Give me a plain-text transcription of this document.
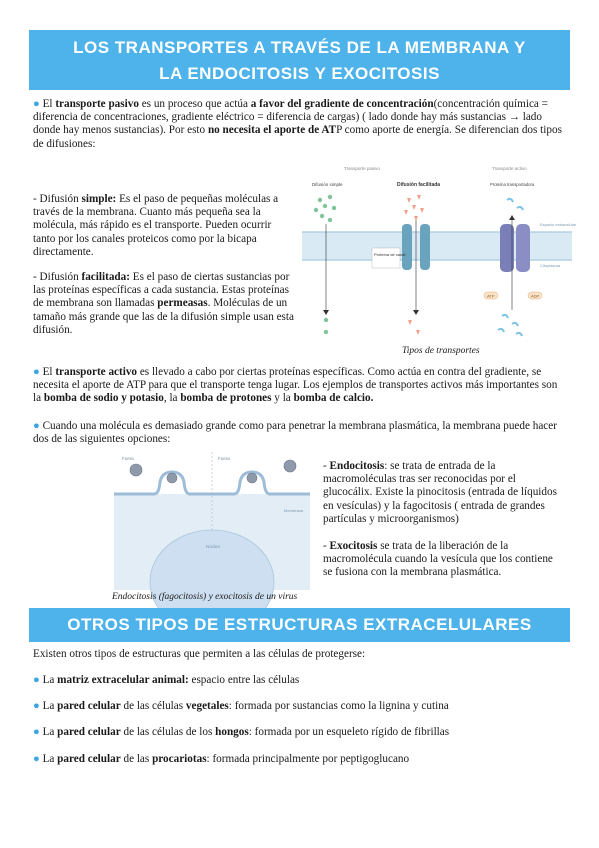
LOS TRANSPORTES A TRAVÉS DE LA MEMBRANA Y
LA ENDOCITOSIS Y EXOCITOSIS
● El transporte pasivo es un proceso que actúa a favor del gradiente de concentración(concentración química = diferencia de concentraciones, gradiente eléctrico = diferencia de cargas) ( lado donde hay más sustancias → lado donde hay menos sustancias). Por esto no necesita el aporte de ATP como aporte de energía. Se diferencian dos tipos de difusiones:
- Difusión simple: Es el paso de pequeñas moléculas a través de la membrana. Cuanto más pequeña sea la molécula, más rápido es el transporte. Pueden ocurrir tanto por los canales proteicos como por la bicapa directamente.
- Difusión facilitada: Es el paso de ciertas sustancias por las proteínas específicas a cada sustancia. Estas proteínas de membrana son llamadas permeasas. Moléculas de un tamaño más grande que las de la difusión simple usan esta difusión.
Transporte pasivo	Transporte activo
Difusión simple	Difusión facilitada	Proteína transportadora
Espacio extracelular
Citoplasma
Proteína de canal
ATP	ADP
Tipos de transportes
● El transporte activo es llevado a cabo por ciertas proteínas específicas. Como actúa en contra del gradiente, se necesita el aporte de ATP para que el transporte tenga lugar. Los ejemplos de transportes activos más importantes son la bomba de sodio y potasio, la bomba de protones y la bomba de calcio.
● Cuando una molécula es demasiado grande como para penetrar la membrana plasmática, la membrana puede hacer dos de las siguientes opciones:
Fuera	Fuera
Membrana
Núcleo
Endocitosis (fagocitosis) y exocitosis de un virus
- Endocitosis: se trata de entrada de la macromoléculas tras ser reconocidas por el glucocálix. Existe la pinocitosis (entrada de líquidos en vesículas) y la fagocitosis ( entrada de grandes partículas y microorganismos)
- Exocitosis se trata de la liberación de la macromolécula cuando la vesícula que los contiene se fusiona con la membrana plasmática.
OTROS TIPOS DE ESTRUCTURAS EXTRACELULARES
Existen otros tipos de estructuras que permiten a las células de protegerse:
● La matriz extracelular animal: espacio entre las células
● La pared celular de las células vegetales: formada por sustancias como la lignina y cutina
● La pared celular de las células de los hongos: formada por un esqueleto rígido de fibrillas
● La pared celular de las procariotas: formada principalmente por peptigoglucano
